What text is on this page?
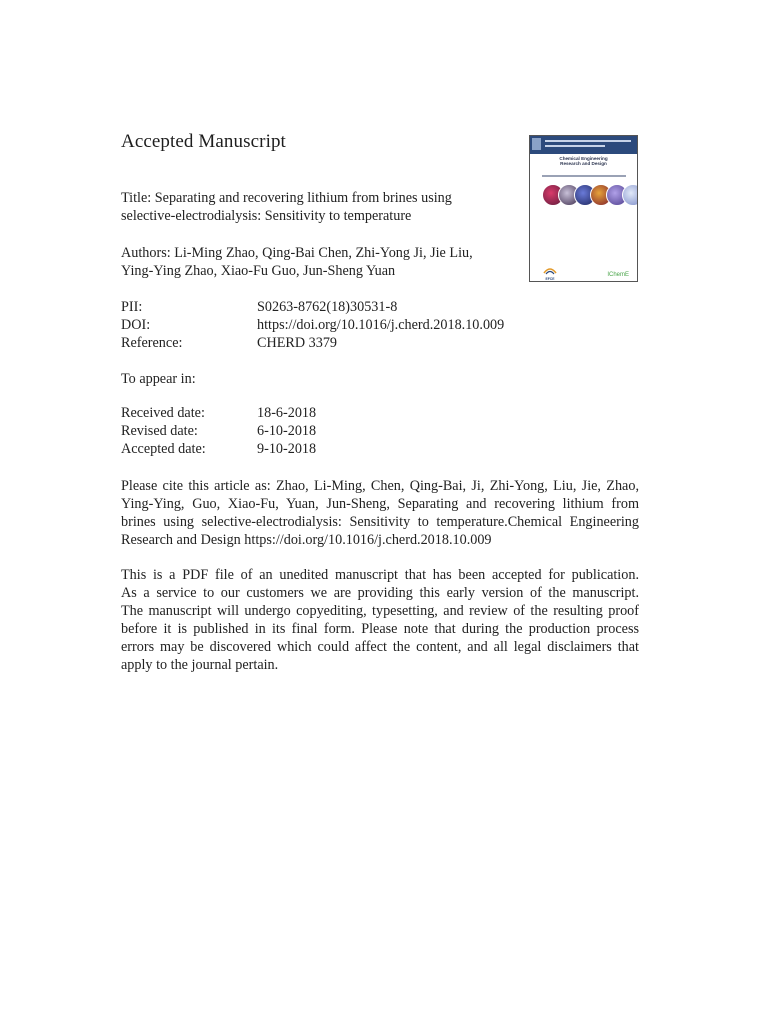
Accepted Manuscript
Chemical Engineering
Research and Design
EFCE
IChemE
Title: Separating and recovering lithium from brines using
selective-electrodialysis: Sensitivity to temperature
Authors: Li-Ming Zhao, Qing-Bai Chen, Zhi-Yong Ji, Jie Liu,
Ying-Ying Zhao, Xiao-Fu Guo, Jun-Sheng Yuan
PII:	S0263-8762(18)30531-8
DOI:	https://doi.org/10.1016/j.cherd.2018.10.009
Reference:	CHERD 3379
To appear in:
Received date:	18-6-2018
Revised date:	6-10-2018
Accepted date:	9-10-2018
Please cite this article as: Zhao, Li-Ming, Chen, Qing-Bai, Ji, Zhi-Yong, Liu, Jie, Zhao,
Ying-Ying, Guo, Xiao-Fu, Yuan, Jun-Sheng, Separating and recovering lithium from
brines using selective-electrodialysis: Sensitivity to temperature.Chemical Engineering
Research and Design https://doi.org/10.1016/j.cherd.2018.10.009
This is a PDF file of an unedited manuscript that has been accepted for publication.
As a service to our customers we are providing this early version of the manuscript.
The manuscript will undergo copyediting, typesetting, and review of the resulting proof
before it is published in its final form. Please note that during the production process
errors may be discovered which could affect the content, and all legal disclaimers that
apply to the journal pertain.
